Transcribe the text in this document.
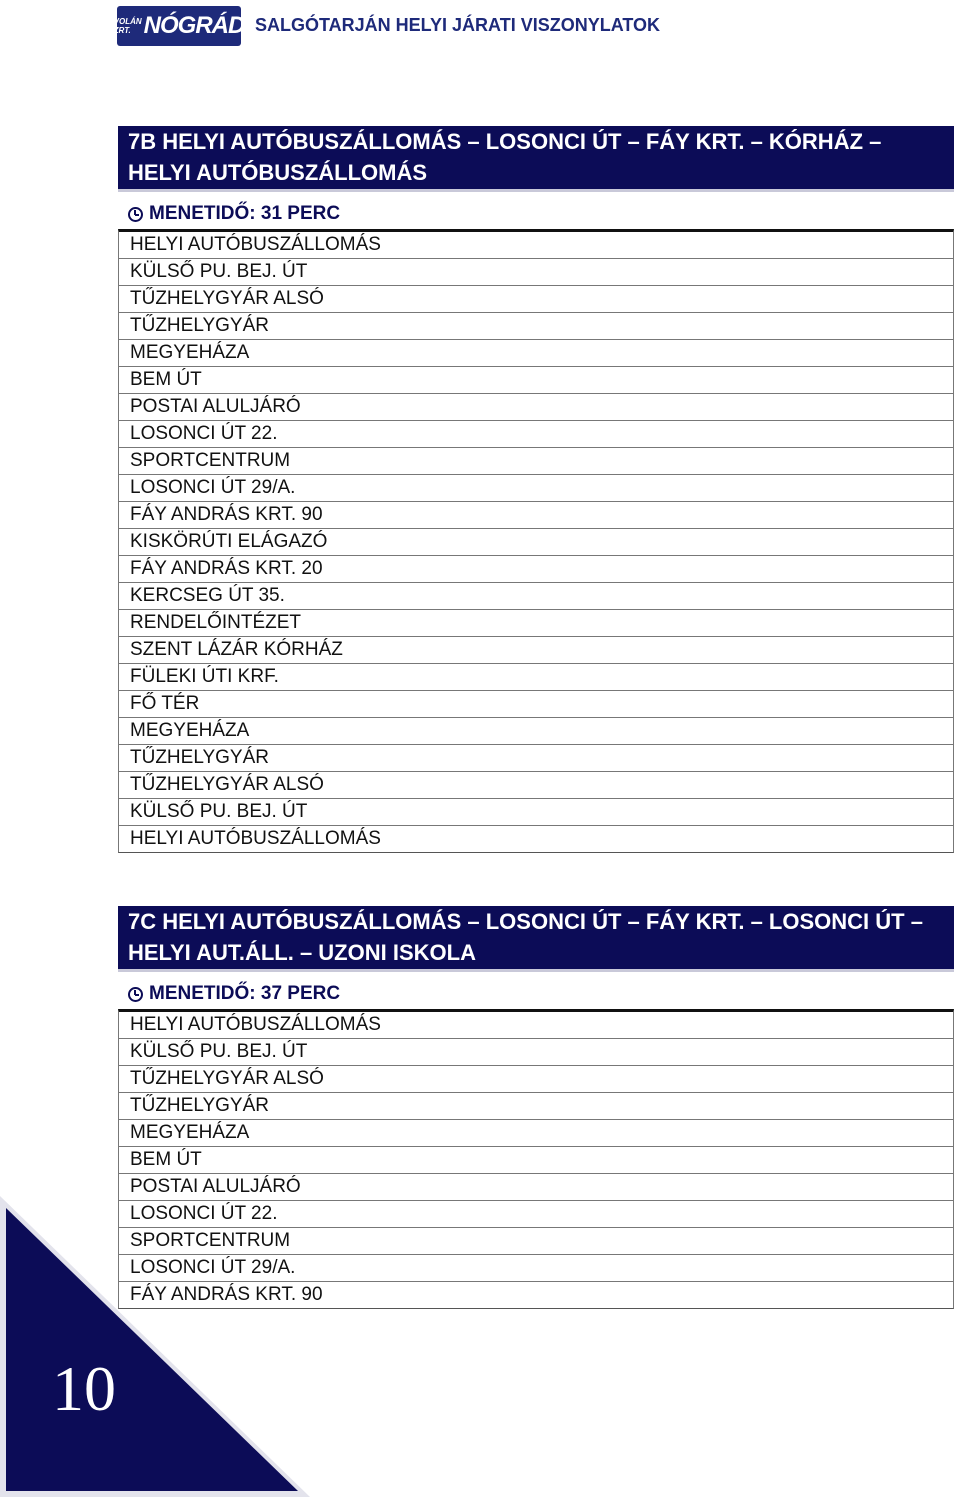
VOLÁN ZRT. NÓGRÁD SALGÓTARJÁN HELYI JÁRATI VISZONYLATOK
7B HELYI AUTÓBUSZÁLLOMÁS – LOSONCI ÚT – FÁY KRT. – KÓRHÁZ – HELYI AUTÓBUSZÁLLOMÁS
MENETIDŐ: 31 PERC
HELYI AUTÓBUSZÁLLOMÁS
KÜLSŐ PU. BEJ. ÚT
TŰZHELYGYÁR ALSÓ
TŰZHELYGYÁR
MEGYEHÁZA
BEM ÚT
POSTAI ALULJÁRÓ
LOSONCI ÚT 22.
SPORTCENTRUM
LOSONCI ÚT 29/A.
FÁY ANDRÁS KRT. 90
KISKÖRÚTI ELÁGAZÓ
FÁY ANDRÁS KRT. 20
KERCSEG ÚT 35.
RENDELŐINTÉZET
SZENT LÁZÁR KÓRHÁZ
FÜLEKI ÚTI KRF.
FŐ TÉR
MEGYEHÁZA
TŰZHELYGYÁR
TŰZHELYGYÁR ALSÓ
KÜLSŐ PU. BEJ. ÚT
HELYI AUTÓBUSZÁLLOMÁS
7C HELYI AUTÓBUSZÁLLOMÁS – LOSONCI ÚT – FÁY KRT. – LOSONCI ÚT – HELYI AUT.ÁLL. – UZONI ISKOLA
MENETIDŐ: 37 PERC
HELYI AUTÓBUSZÁLLOMÁS
KÜLSŐ PU. BEJ. ÚT
TŰZHELYGYÁR ALSÓ
TŰZHELYGYÁR
MEGYEHÁZA
BEM ÚT
POSTAI ALULJÁRÓ
LOSONCI ÚT 22.
SPORTCENTRUM
LOSONCI ÚT 29/A.
FÁY ANDRÁS KRT. 90
10
